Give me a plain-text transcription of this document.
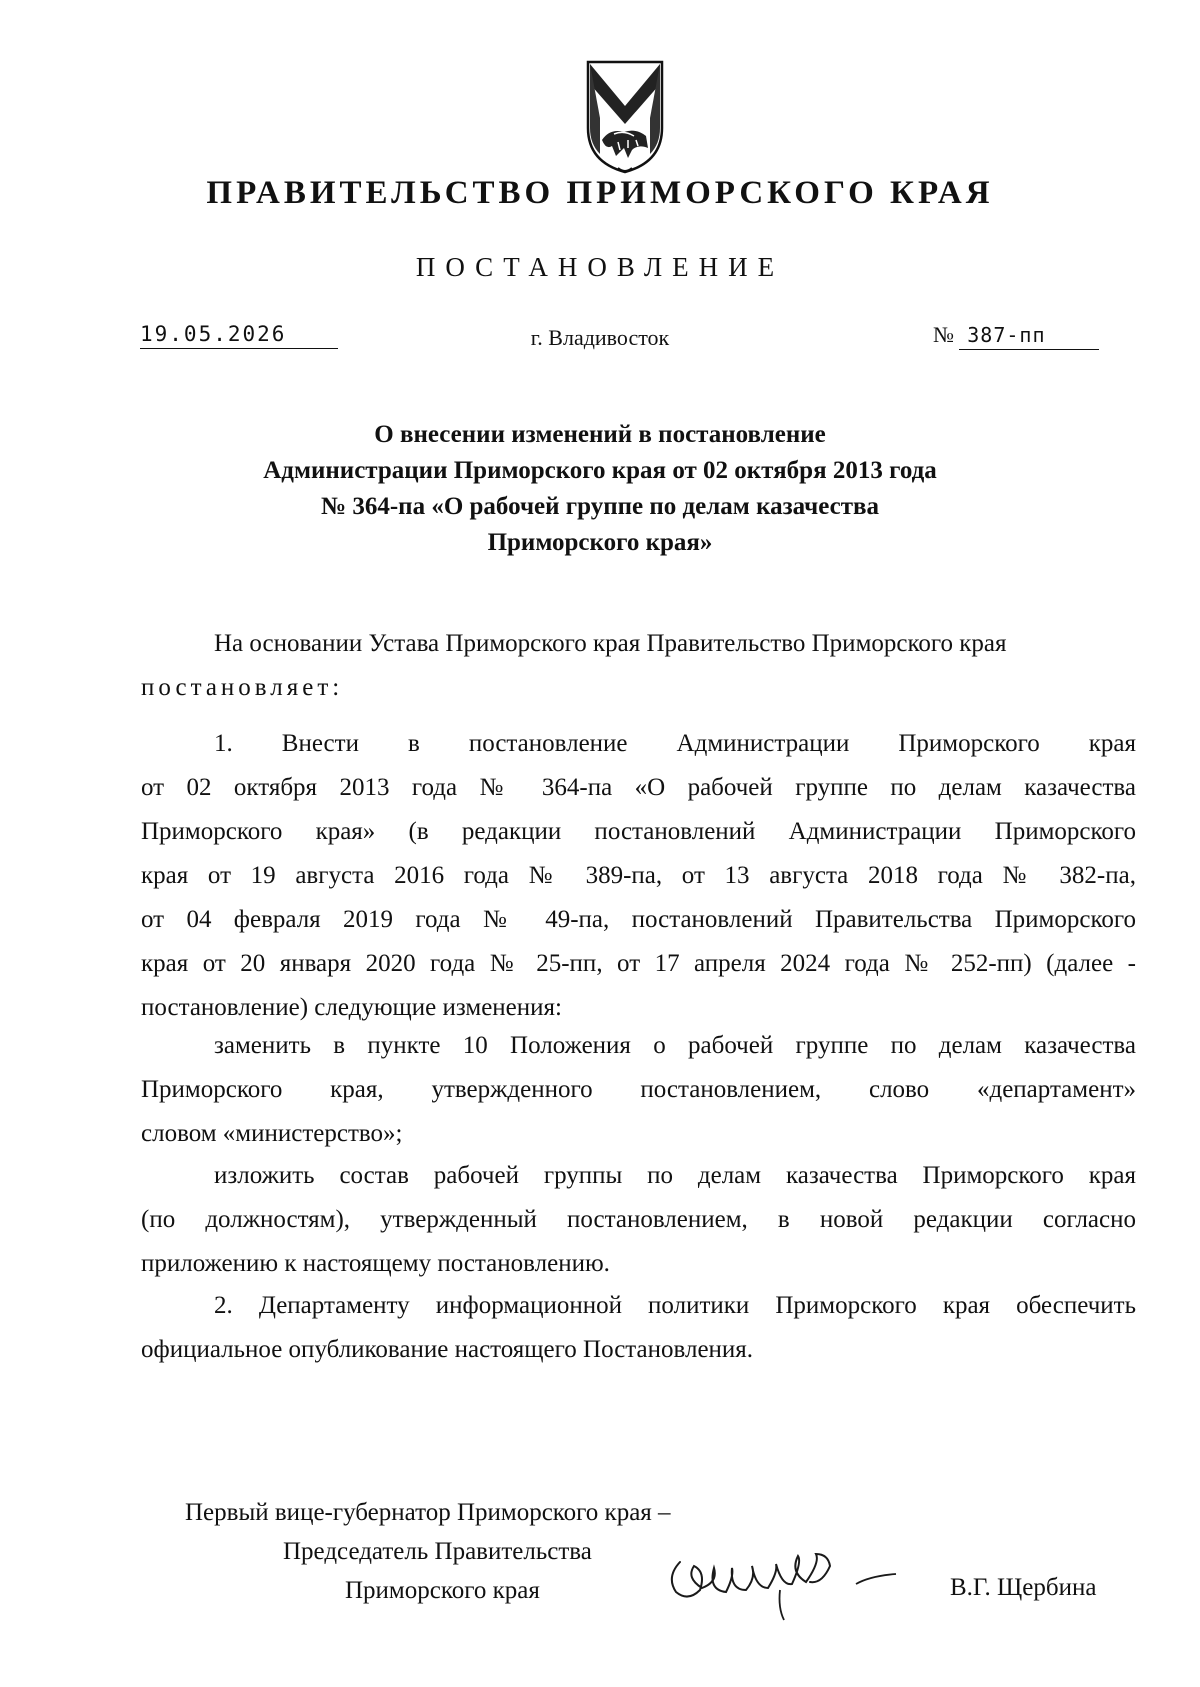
ПРАВИТЕЛЬСТВО ПРИМОРСКОГО КРАЯ
ПОСТАНОВЛЕНИЕ
19.05.2026	г. Владивосток	№ 387-пп
О внесении изменений в постановление
Администрации Приморского края от 02 октября 2013 года
№ 364-па «О рабочей группе по делам казачества
Приморского края»
На основании Устава Приморского края Правительство Приморского края
постановляет:
1. Внести в постановление Администрации Приморского края
от 02 октября 2013 года № 364-па «О рабочей группе по делам казачества
Приморского края» (в редакции постановлений Администрации Приморского
края от 19 августа 2016 года № 389-па, от 13 августа 2018 года № 382-па,
от 04 февраля 2019 года № 49-па, постановлений Правительства Приморского
края от 20 января 2020 года № 25-пп, от 17 апреля 2024 года № 252-пп) (далее -
постановление) следующие изменения:
заменить в пункте 10 Положения о рабочей группе по делам казачества
Приморского края, утвержденного постановлением, слово «департамент»
словом «министерство»;
изложить состав рабочей группы по делам казачества Приморского края
(по должностям), утвержденный постановлением, в новой редакции согласно
приложению к настоящему постановлению.
2. Департаменту информационной политики Приморского края обеспечить
официальное опубликование настоящего Постановления.
Первый вице-губернатор Приморского края –
Председатель Правительства
Приморского края	В.Г. Щербина
